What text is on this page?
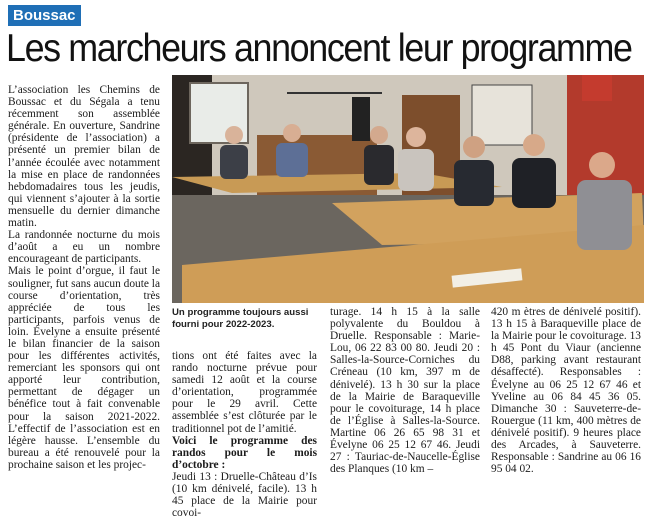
Boussac
Les marcheurs annoncent leur programme

L’association les Chemins de Boussac et du Ségala a tenu récemment son assemblée générale. En ouverture, Sandrine (présidente de l’association) a présenté un premier bilan de l’année écoulée avec notamment la mise en place de randonnées hebdomadaires tous les jeudis, qui viennent s’ajouter à la sortie mensuelle du dernier dimanche matin.

La randonnée nocturne du mois d’août a eu un nombre encourageant de participants.

Mais le point d’orgue, il faut le souligner, fut sans aucun doute la course d’orientation, très appréciée de tous les participants, parfois venus de loin. Évelyne a ensuite présenté le bilan financier de la saison pour les différentes activités, remerciant les sponsors qui ont apporté leur contribution, permettant de dégager un bénéfice tout à fait convenable pour la saison 2021-2022. L’effectif de l’association est en légère hausse. L’ensemble du bureau a été renouvelé pour la prochaine saison et les projec-

Un programme toujours aussi fourni pour 2022-2023.

tions ont été faites avec la rando nocturne prévue pour samedi 12 août et la course d’orientation, programmée pour le 29 avril. Cette assemblée s’est clôturée par le traditionnel pot de l’amitié.

Voici le programme des randos pour le mois d’octobre :

Jeudi 13 : Druelle-Château d’Is (10 km dénivelé, facile). 13 h 45 place de la Mairie pour covoi-

turage. 14 h 15 à la salle polyvalente du Bouldou à Druelle. Responsable : Marie-Lou, 06 22 83 00 80. Jeudi 20 : Salles-la-Source-Corniches du Créneau (10 km, 397 m de dénivelé). 13 h 30 sur la place de la Mairie de Baraqueville pour le covoiturage, 14 h place de l’Église à Salles-la-Source. Martine 06 26 65 98 31 et Évelyne 06 25 12 67 46. Jeudi 27 : Tauriac-de-Naucelle-Église des Planques (10 km –

420 m ètres de dénivelé positif). 13 h 15 à Baraqueville place de la Mairie pour le covoiturage. 13 h 45 Pont du Viaur (ancienne D88, parking avant restaurant désaffecté). Responsables : Évelyne au 06 25 12 67 46 et Yveline au 06 84 45 36 05. Dimanche 30 : Sauveterre-de-Rouergue (11 km, 400 mètres de dénivelé positif). 9 heures place des Arcades, à Sauveterre. Responsable : Sandrine au 06 16 95 04 02.
